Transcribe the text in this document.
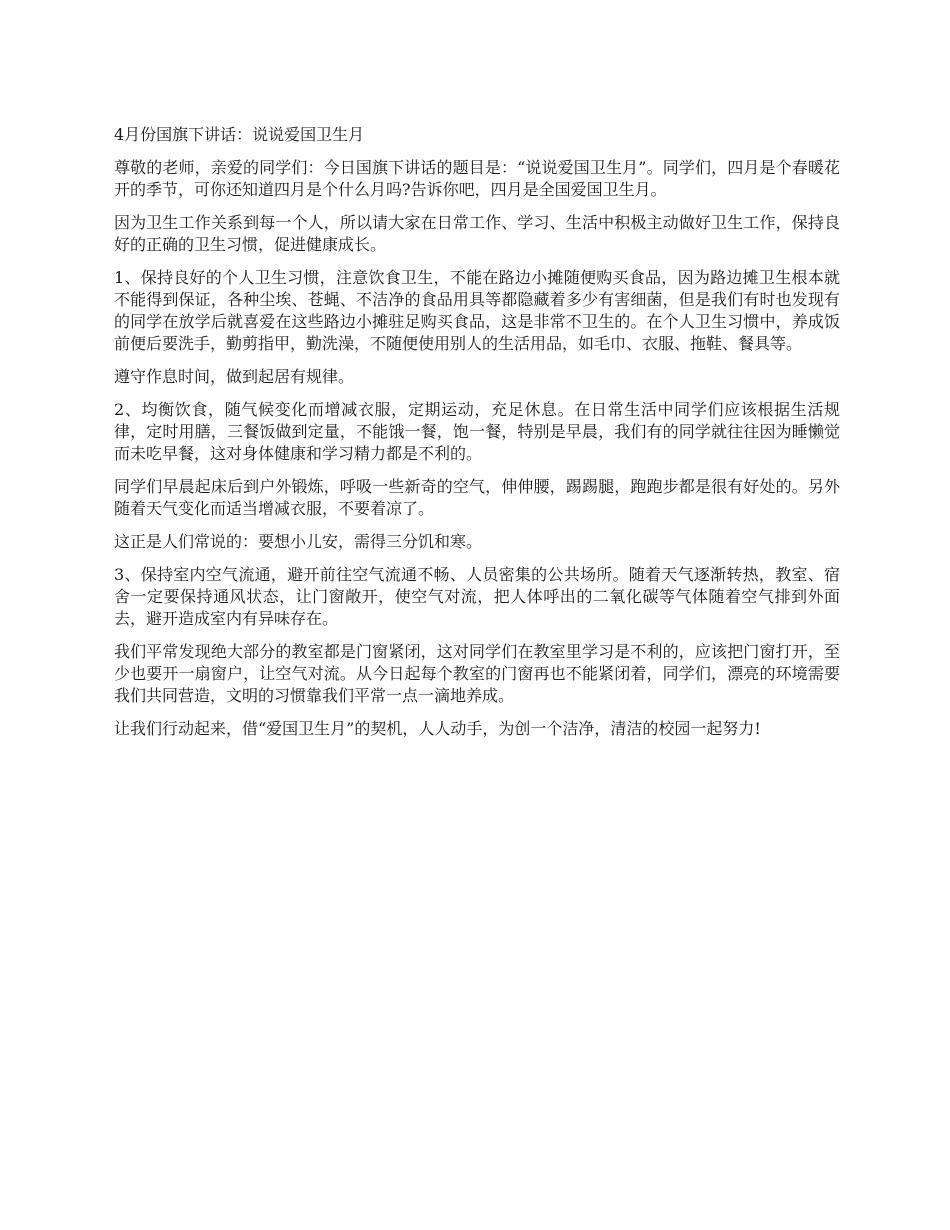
4月份国旗下讲话：说说爱国卫生月

尊敬的老师，亲爱的同学们：今日国旗下讲话的题目是：“说说爱国卫生月”。同学们，四月是个春暖花开的季节，可你还知道四月是个什么月吗?告诉你吧，四月是全国爱国卫生月。

因为卫生工作关系到每一个人，所以请大家在日常工作、学习、生活中积极主动做好卫生工作，保持良好的正确的卫生习惯，促进健康成长。

1、保持良好的个人卫生习惯，注意饮食卫生，不能在路边小摊随便购买食品，因为路边摊卫生根本就不能得到保证，各种尘埃、苍蝇、不洁净的食品用具等都隐藏着多少有害细菌，但是我们有时也发现有的同学在放学后就喜爱在这些路边小摊驻足购买食品，这是非常不卫生的。在个人卫生习惯中，养成饭前便后要洗手，勤剪指甲，勤洗澡，不随便使用别人的生活用品，如毛巾、衣服、拖鞋、餐具等。

遵守作息时间，做到起居有规律。

2、均衡饮食，随气候变化而增减衣服，定期运动，充足休息。在日常生活中同学们应该根据生活规律，定时用膳，三餐饭做到定量，不能饿一餐，饱一餐，特别是早晨，我们有的同学就往往因为睡懒觉而未吃早餐，这对身体健康和学习精力都是不利的。

同学们早晨起床后到户外锻炼，呼吸一些新奇的空气，伸伸腰，踢踢腿，跑跑步都是很有好处的。另外随着天气变化而适当增减衣服，不要着凉了。

这正是人们常说的：要想小儿安，需得三分饥和寒。

3、保持室内空气流通，避开前往空气流通不畅、人员密集的公共场所。随着天气逐渐转热，教室、宿舍一定要保持通风状态，让门窗敞开，使空气对流，把人体呼出的二氧化碳等气体随着空气排到外面去，避开造成室内有异味存在。

我们平常发现绝大部分的教室都是门窗紧闭，这对同学们在教室里学习是不利的，应该把门窗打开，至少也要开一扇窗户，让空气对流。从今日起每个教室的门窗再也不能紧闭着，同学们，漂亮的环境需要我们共同营造，文明的习惯靠我们平常一点一滴地养成。

让我们行动起来，借“爱国卫生月”的契机，人人动手，为创一个洁净，清洁的校园一起努力!
